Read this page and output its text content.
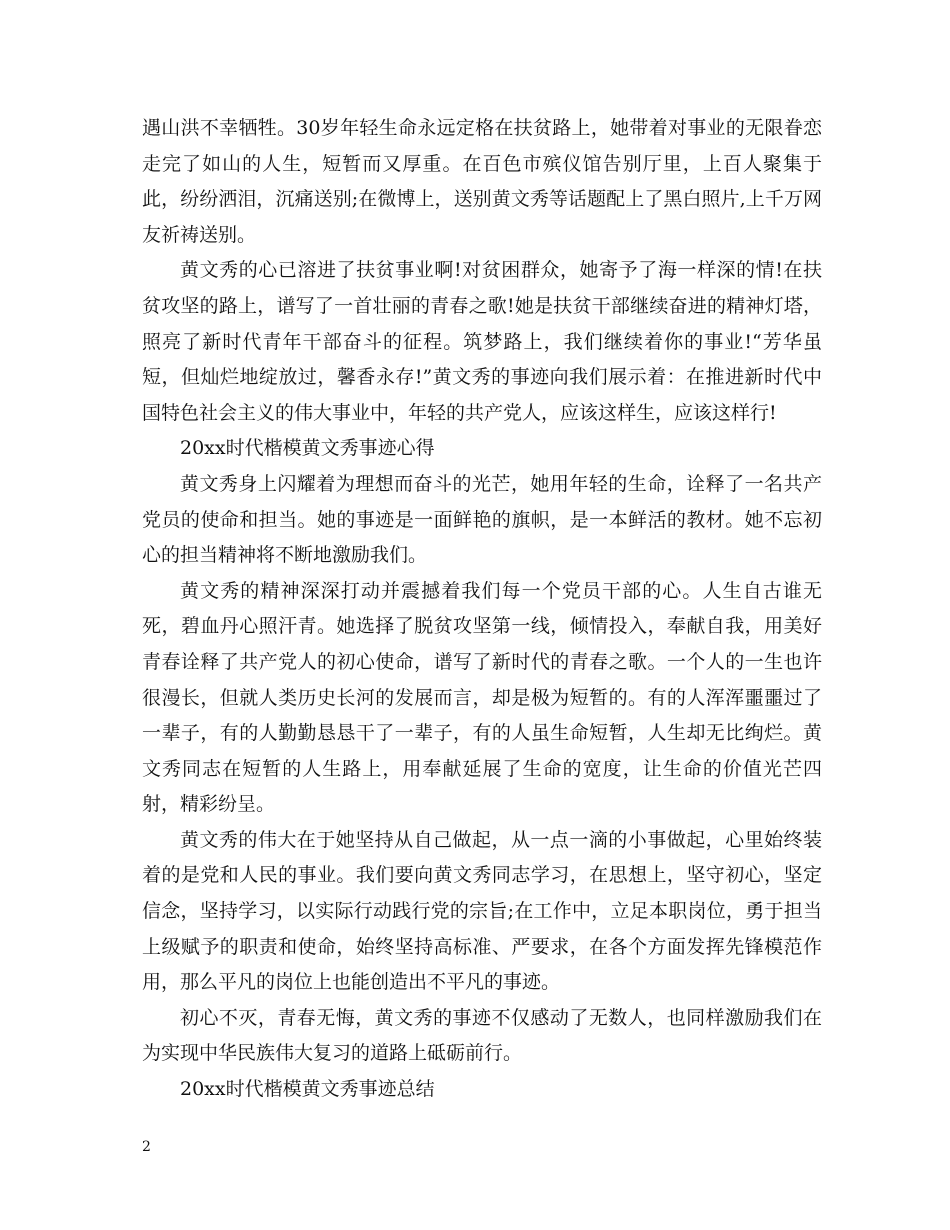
遇山洪不幸牺牲。30岁年轻生命永远定格在扶贫路上，她带着对事业的无限眷恋走完了如山的人生，短暂而又厚重。在百色市殡仪馆告别厅里，上百人聚集于此，纷纷洒泪，沉痛送别;在微博上，送别黄文秀等话题配上了黑白照片,上千万网友祈祷送别。

黄文秀的心已溶进了扶贫事业啊!对贫困群众，她寄予了海一样深的情!在扶贫攻坚的路上，谱写了一首壮丽的青春之歌!她是扶贫干部继续奋进的精神灯塔，照亮了新时代青年干部奋斗的征程。筑梦路上，我们继续着你的事业!“芳华虽短，但灿烂地绽放过，馨香永存!”黄文秀的事迹向我们展示着：在推进新时代中国特色社会主义的伟大事业中，年轻的共产党人，应该这样生，应该这样行!

20xx时代楷模黄文秀事迹心得

黄文秀身上闪耀着为理想而奋斗的光芒，她用年轻的生命，诠释了一名共产党员的使命和担当。她的事迹是一面鲜艳的旗帜，是一本鲜活的教材。她不忘初心的担当精神将不断地激励我们。

黄文秀的精神深深打动并震撼着我们每一个党员干部的心。人生自古谁无死，碧血丹心照汗青。她选择了脱贫攻坚第一线，倾情投入，奉献自我，用美好青春诠释了共产党人的初心使命，谱写了新时代的青春之歌。一个人的一生也许很漫长，但就人类历史长河的发展而言，却是极为短暂的。有的人浑浑噩噩过了一辈子，有的人勤勤恳恳干了一辈子，有的人虽生命短暂，人生却无比绚烂。黄文秀同志在短暂的人生路上，用奉献延展了生命的宽度，让生命的价值光芒四射，精彩纷呈。

黄文秀的伟大在于她坚持从自己做起，从一点一滴的小事做起，心里始终装着的是党和人民的事业。我们要向黄文秀同志学习，在思想上，坚守初心，坚定信念，坚持学习，以实际行动践行党的宗旨;在工作中，立足本职岗位，勇于担当上级赋予的职责和使命，始终坚持高标准、严要求，在各个方面发挥先锋模范作用，那么平凡的岗位上也能创造出不平凡的事迹。

初心不灭，青春无悔，黄文秀的事迹不仅感动了无数人，也同样激励我们在为实现中华民族伟大复习的道路上砥砺前行。

20xx时代楷模黄文秀事迹总结

2
